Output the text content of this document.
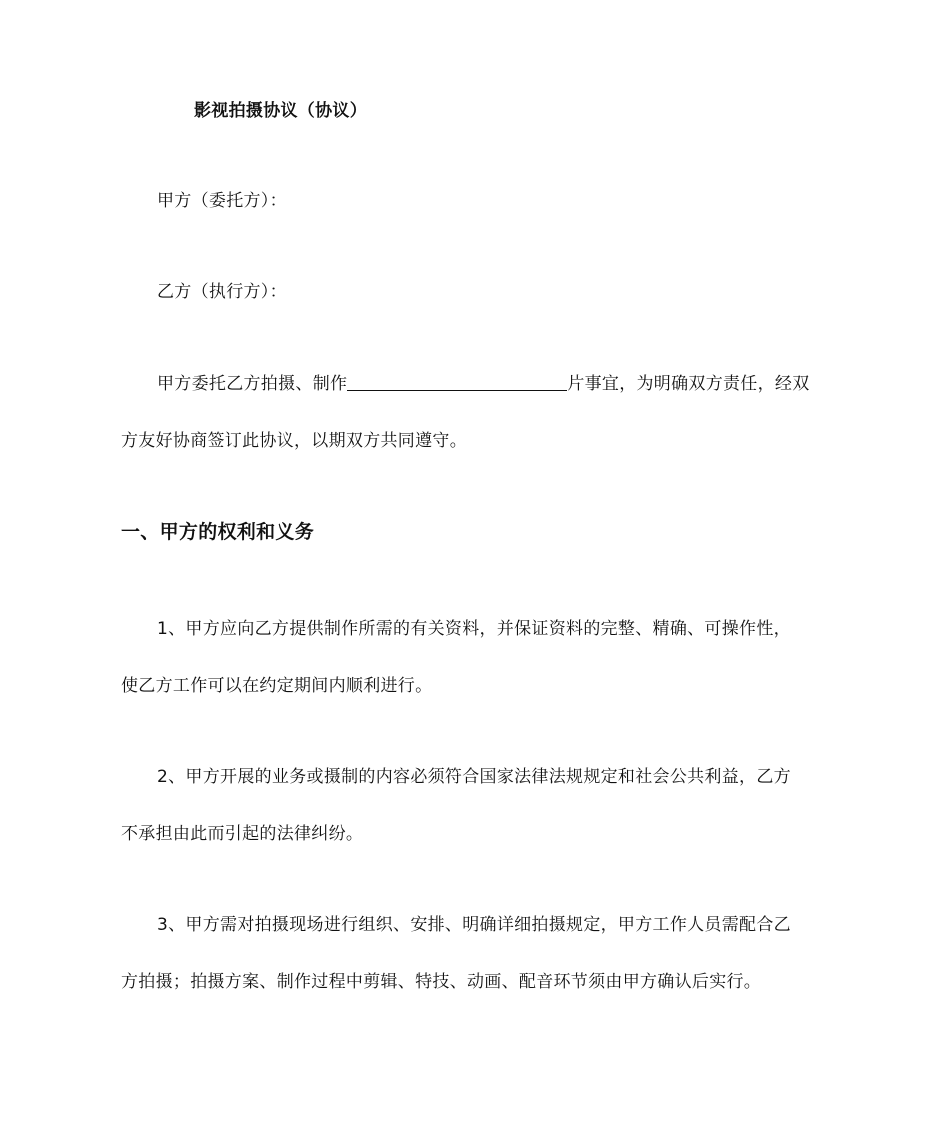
影视拍摄协议（协议）
甲方（委托方）：
乙方（执行方）：
甲方委托乙方拍摄、制作	片事宜，为明确双方责任，经双
方友好协商签订此协议，以期双方共同遵守。
一、甲方的权利和义务
1、甲方应向乙方提供制作所需的有关资料，并保证资料的完整、精确、可操作性，
使乙方工作可以在约定期间内顺利进行。
2、甲方开展的业务或摄制的内容必须符合国家法律法规规定和社会公共利益，乙方
不承担由此而引起的法律纠纷。
3、甲方需对拍摄现场进行组织、安排、明确详细拍摄规定，甲方工作人员需配合乙
方拍摄；拍摄方案、制作过程中剪辑、特技、动画、配音环节须由甲方确认后实行。
